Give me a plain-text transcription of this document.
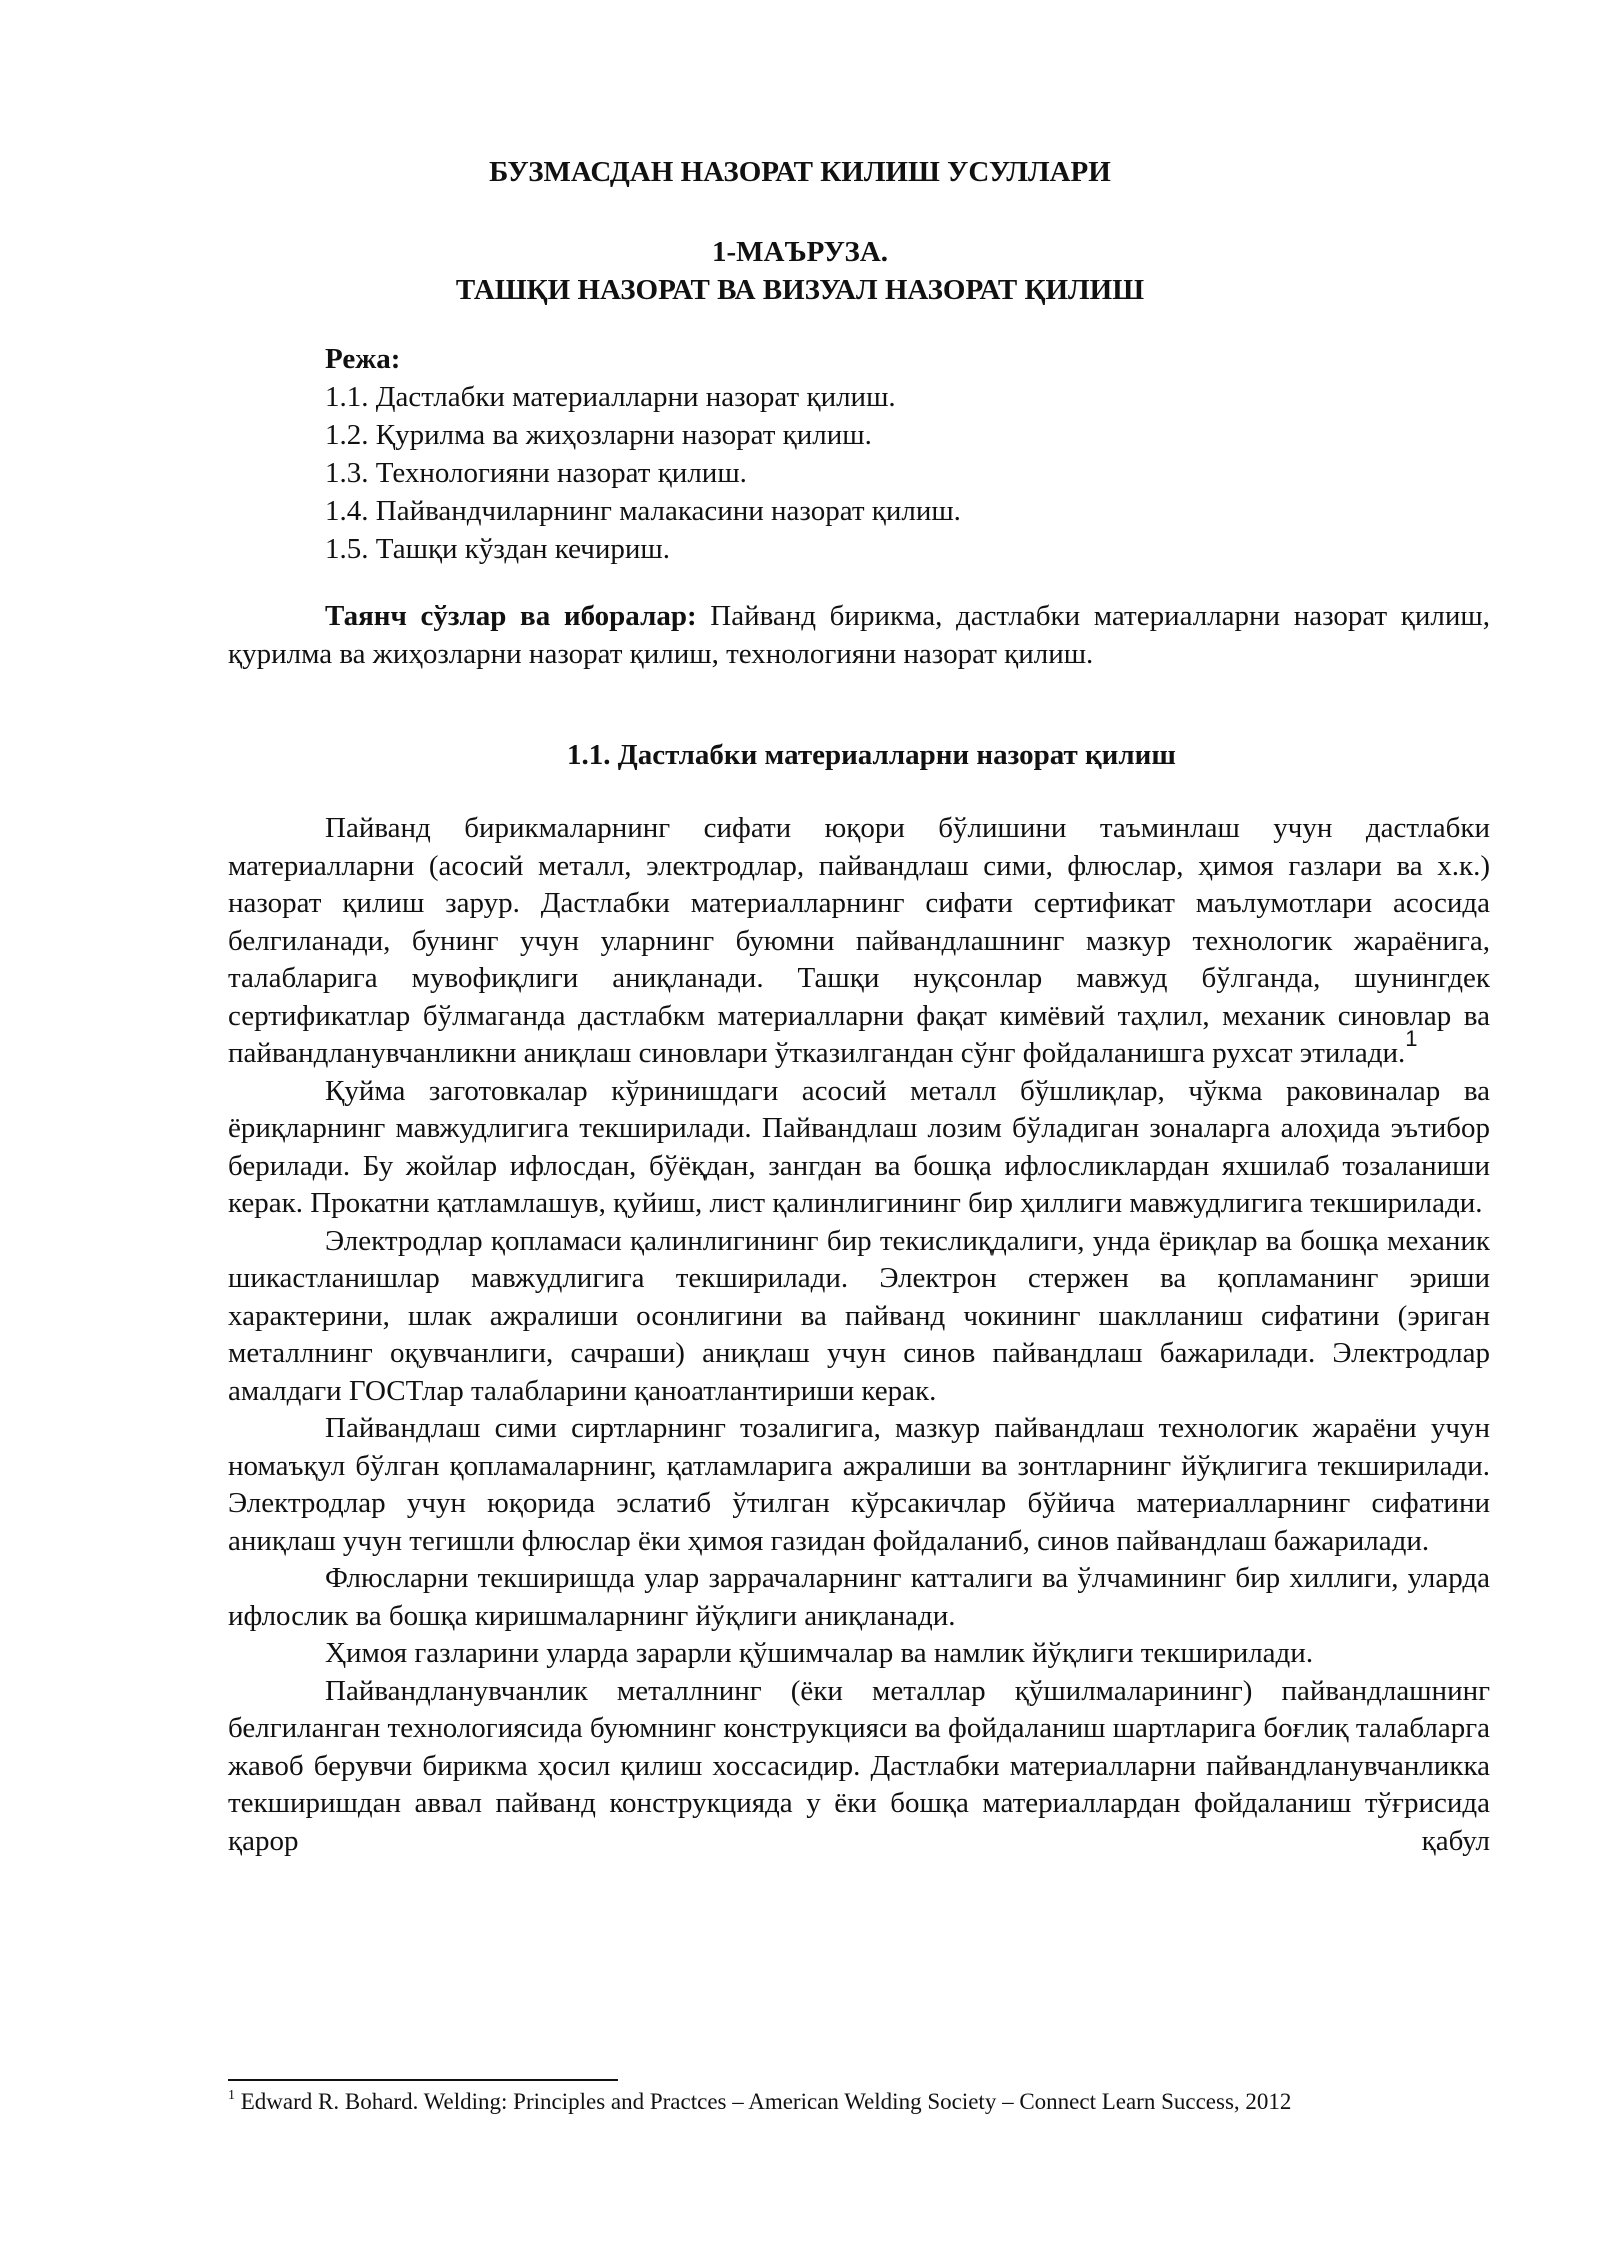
БУЗМАСДАН НАЗОРАТ КИЛИШ УСУЛЛАРИ
1-МАЪРУЗА.
ТАШҚИ НАЗОРАТ ВА ВИЗУАЛ НАЗОРАТ ҚИЛИШ
Режа:
1.1. Дастлабки материалларни назорат қилиш.
1.2. Қурилма ва жиҳозларни назорат қилиш.
1.3. Технологияни назорат қилиш.
1.4. Пайвандчиларнинг малакасини назорат қилиш.
1.5. Ташқи кўздан кечириш.

Таянч сўзлар ва иборалар: Пайванд бирикма, дастлабки материалларни назорат қилиш, қурилма ва жиҳозларни назорат қилиш, технологияни назорат қилиш.

1.1. Дастлабки материалларни назорат қилиш

Пайванд бирикмаларнинг сифати юқори бўлишини таъминлаш учун дастлабки материалларни (асосий металл, электродлар, пайвандлаш сими, флюслар, ҳимоя газлари ва х.к.) назорат қилиш зарур. Дастлабки материалларнинг сифати сертификат маълумотлари асосида белгиланади, бунинг учун уларнинг буюмни пайвандлашнинг мазкур технологик жараёнига, талабларига мувофиқлиги аниқланади. Ташқи нуқсонлар мавжуд бўлганда, шунингдек сертификатлар бўлмаганда дастлабкм материалларни фақат кимёвий таҳлил, механик синовлар ва пайвандланувчанликни аниқлаш синовлари ўтказилгандан сўнг фойдаланишга рухсат этилади.$^1$

Қуйма заготовкалар кўринишдаги асосий металл бўшлиқлар, чўкма раковиналар ва ёриқларнинг мавжудлигига текширилади. Пайвандлаш лозим бўладиган зоналарга алоҳида эътибор берилади. Бу жойлар ифлосдан, бўёқдан, зангдан ва бошқа ифлосликлардан яхшилаб тозаланиши керак. Прокатни қатламлашув, қуйиш, лист қалинлигининг бир ҳиллиги мавжудлигига текширилади.

Электродлар қопламаси қалинлигининг бир текислиқдалиги, унда ёриқлар ва бошқа механик шикастланишлар мавжудлигига текширилади. Электрон стержен ва қопламанинг эриши характерини, шлак ажралиши осонлигини ва пайванд чокининг шаклланиш сифатини (эриган металлнинг оқувчанлиги, сачраши) аниқлаш учун синов пайвандлаш бажарилади. Электродлар амалдаги ГОСТлар талабларини қаноатлантириши керак.

Пайвандлаш сими сиртларнинг тозалигига, мазкур пайвандлаш технологик жараёни учун номаъқул бўлган қопламаларнинг, қатламларига ажралиши ва зонтларнинг йўқлигига текширилади. Электродлар учун юқорида эслатиб ўтилган кўрсакичлар бўйича материалларнинг сифатини аниқлаш учун тегишли флюслар ёки ҳимоя газидан фойдаланиб, синов пайвандлаш бажарилади.

Флюсларни текширишда улар заррачаларнинг катталиги ва ўлчамининг бир хиллиги, уларда ифлослик ва бошқа киришмаларнинг йўқлиги аниқланади.

Ҳимоя газларини уларда зарарли қўшимчалар ва намлик йўқлиги текширилади.

Пайвандланувчанлик металлнинг (ёки металлар қўшилмаларининг) пайвандлашнинг белгиланган технологиясида буюмнинг конструкцияси ва фойдаланиш шартларига боғлиқ талабларга жавоб берувчи бирикма ҳосил қилиш хоссасидир. Дастлабки материалларни пайвандланувчанликка текширишдан аввал пайванд конструкцияда у ёки бошқа материаллардан фойдаланиш тўғрисида қарор қабул

$^1$ Edward R. Bohard. Welding: Principles and Practces – American Welding Society – Connect Learn Success, 2012
